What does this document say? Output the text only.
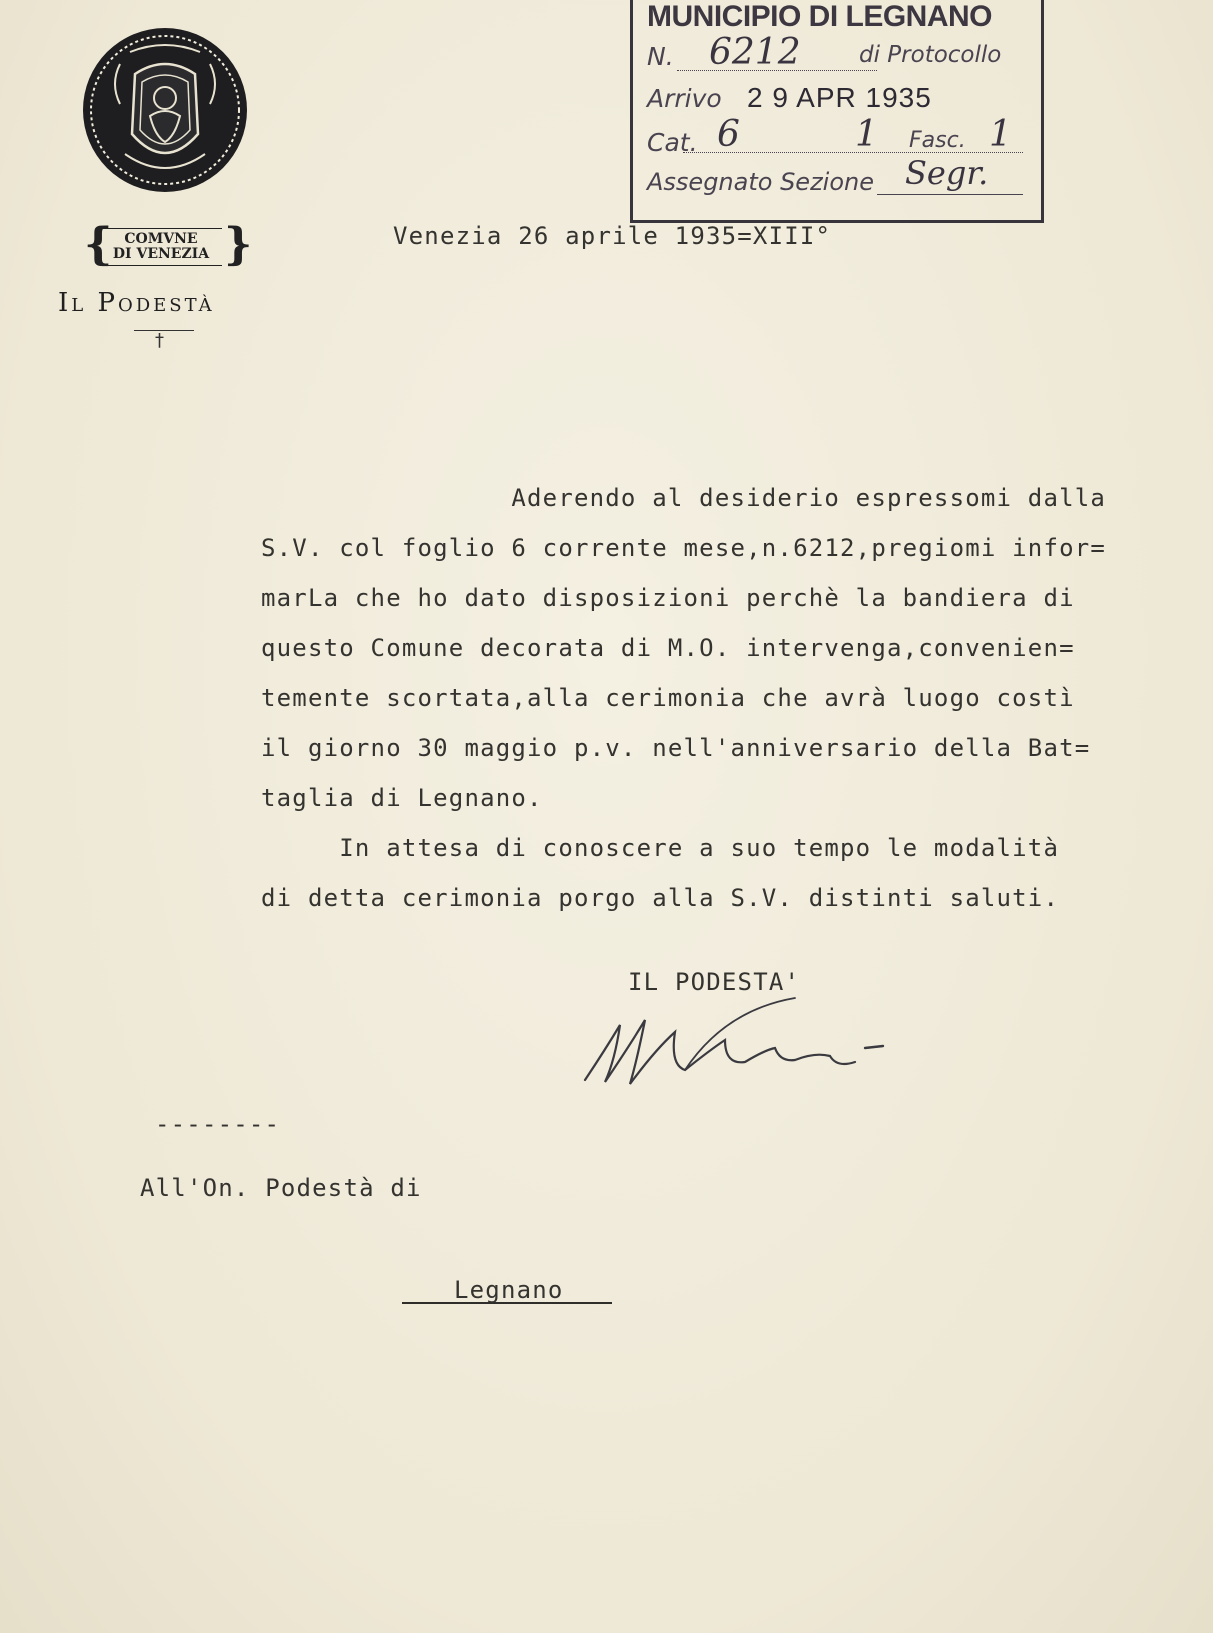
{ COMVNE
DI VENEZIA }
Il Podestà
†
MUNICIPIO DI LEGNANO
N. 6212	di Protocollo
Arrivo 2 9 APR 1935
Cat. 6	1 Fasc. 1
Assegnato Sezione Segr.
Venezia 26 aprile 1935=XIII°
Aderendo al desiderio espressomi dalla
S.V. col foglio 6 corrente mese,n.6212,pregiomi infor=
marLa che ho dato disposizioni perchè la bandiera di
questo Comune decorata di M.O. intervenga,convenien=
temente scortata,alla cerimonia che avrà luogo costì
il giorno 30 maggio p.v. nell'anniversario della Bat=
taglia di Legnano.
In attesa di conoscere a suo tempo le modalità
di detta cerimonia porgo alla S.V. distinti saluti.
IL PODESTA'
--------
All'On. Podestà di
Legnano
